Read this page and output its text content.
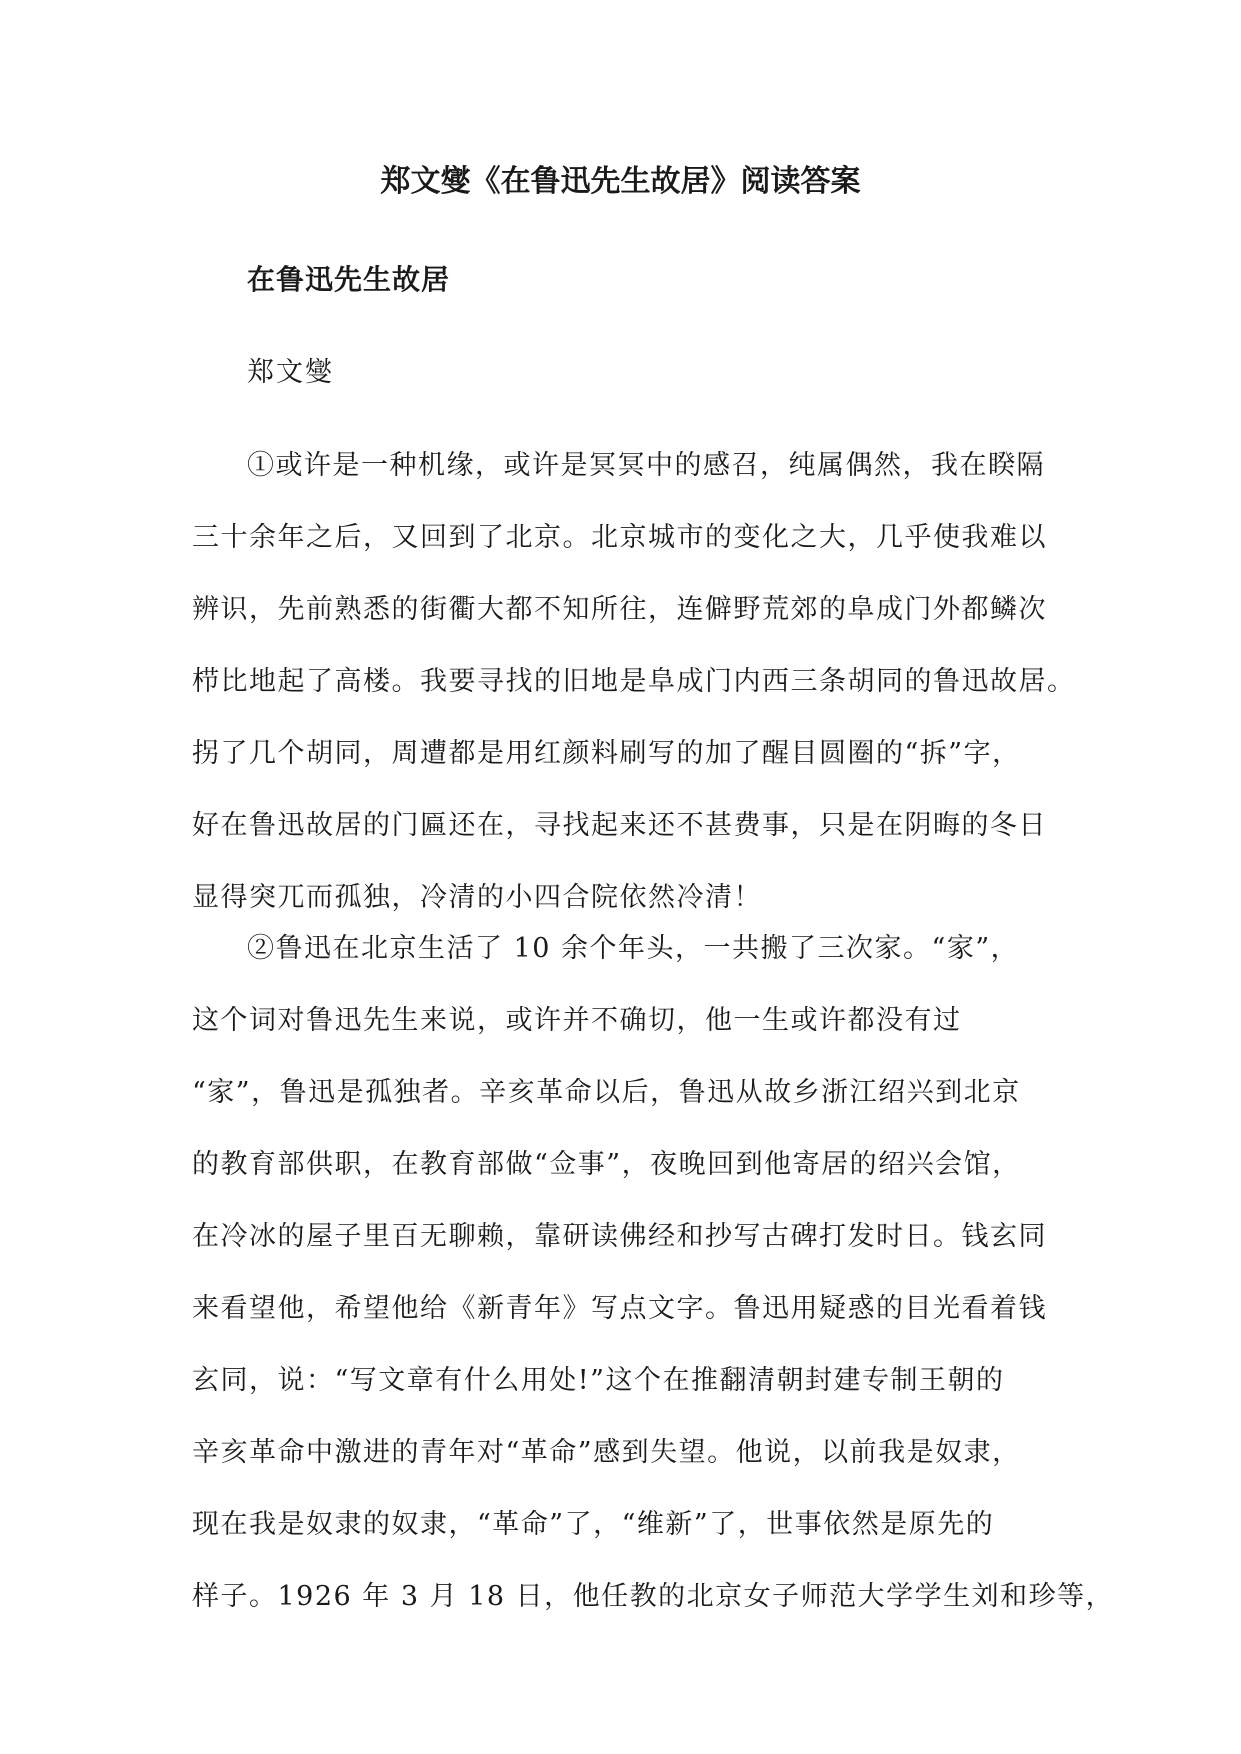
郑文燮《在鲁迅先生故居》阅读答案
在鲁迅先生故居
郑文燮
①或许是一种机缘，或许是冥冥中的感召，纯属偶然，我在睽隔
三十余年之后，又回到了北京。北京城市的变化之大，几乎使我难以
辨识，先前熟悉的街衢大都不知所往，连僻野荒郊的阜成门外都鳞次
栉比地起了高楼。我要寻找的旧地是阜成门内西三条胡同的鲁迅故居。
拐了几个胡同，周遭都是用红颜料刷写的加了醒目圆圈的“拆”字，
好在鲁迅故居的门匾还在，寻找起来还不甚费事，只是在阴晦的冬日
显得突兀而孤独，冷清的小四合院依然冷清！
②鲁迅在北京生活了 10 余个年头，一共搬了三次家。“家”，
这个词对鲁迅先生来说，或许并不确切，他一生或许都没有过
“家”，鲁迅是孤独者。辛亥革命以后，鲁迅从故乡浙江绍兴到北京
的教育部供职，在教育部做“佥事”，夜晚回到他寄居的绍兴会馆，
在冷冰的屋子里百无聊赖，靠研读佛经和抄写古碑打发时日。钱玄同
来看望他，希望他给《新青年》写点文字。鲁迅用疑惑的目光看着钱
玄同，说：“写文章有什么用处!”这个在推翻清朝封建专制王朝的
辛亥革命中激进的青年对“革命”感到失望。他说，以前我是奴隶，
现在我是奴隶的奴隶，“革命”了，“维新”了，世事依然是原先的
样子。1926 年 3 月 18 日，他任教的北京女子师范大学学生刘和珍等，
